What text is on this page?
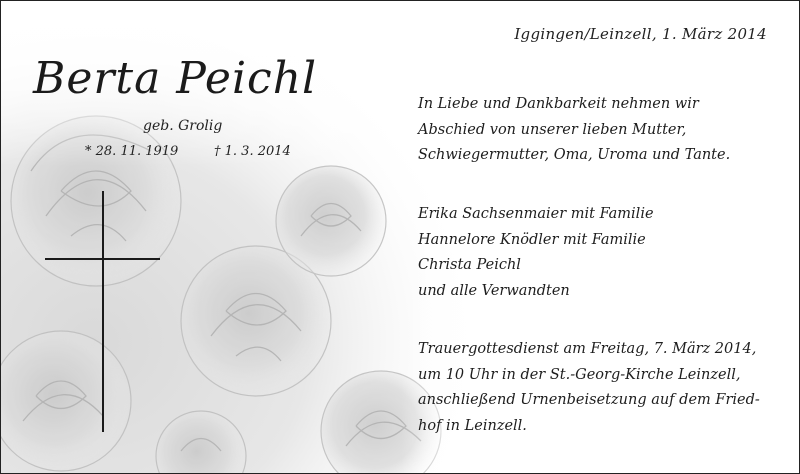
Iggingen/Leinzell, 1. März 2014
Berta Peichl
geb. Grolig
* 28. 11. 1919	† 1. 3. 2014
In Liebe und Dankbarkeit nehmen wir
Abschied von unserer lieben Mutter,
Schwiegermutter, Oma, Uroma und Tante.
Erika Sachsenmaier mit Familie
Hannelore Knödler mit Familie
Christa Peichl
und alle Verwandten
Trauergottesdienst am Freitag, 7. März 2014,
um 10 Uhr in der St.-Georg-Kirche Leinzell,
anschließend Urnenbeisetzung auf dem Fried-
hof in Leinzell.
